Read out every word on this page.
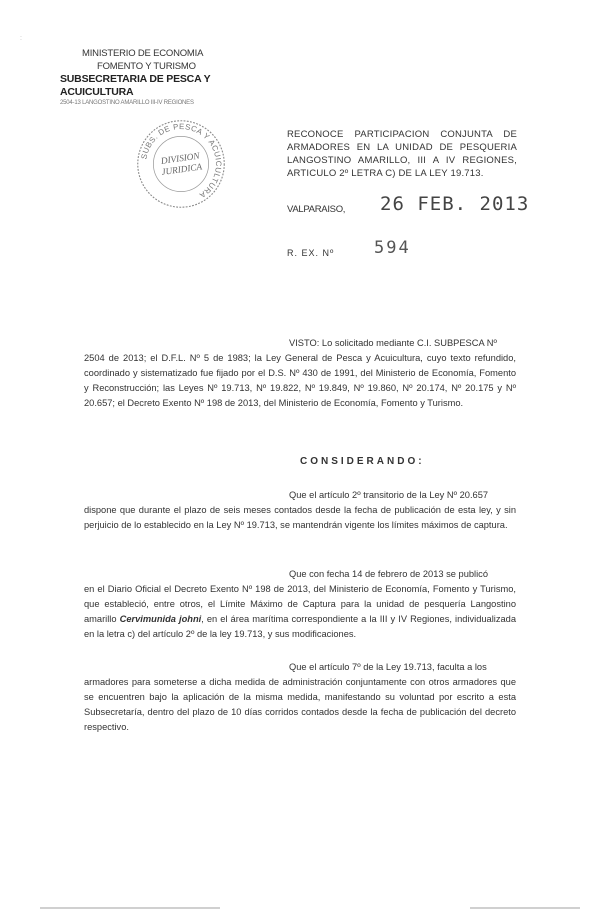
:
MINISTERIO DE ECONOMIA
FOMENTO Y TURISMO
SUBSECRETARIA DE PESCA Y ACUICULTURA
2504-13 LANGOSTINO AMARILLO III-IV REGIONES
SUBS. DE PESCA Y ACUICULTURA
DIVISION
JURIDICA
RECONOCE PARTICIPACION CONJUNTA DE ARMADORES EN LA UNIDAD DE PESQUERIA LANGOSTINO AMARILLO, III A IV REGIONES, ARTICULO 2º LETRA C) DE LA LEY 19.713.
VALPARAISO, 26 FEB. 2013
R. EX. Nº 594
VISTO: Lo solicitado mediante C.I. SUBPESCA Nº
2504 de 2013; el D.F.L. Nº 5 de 1983; la Ley General de Pesca y Acuicultura, cuyo texto refundido, coordinado y sistematizado fue fijado por el D.S. Nº 430 de 1991, del Ministerio de Economía, Fomento y Reconstrucción; las Leyes Nº 19.713, Nº 19.822, Nº 19.849, Nº 19.860, Nº 20.174, Nº 20.175 y Nº 20.657; el Decreto Exento Nº 198 de 2013, del Ministerio de Economía, Fomento y Turismo.
CONSIDERANDO:
Que el artículo 2º transitorio de la Ley Nº 20.657
dispone que durante el plazo de seis meses contados desde la fecha de publicación de esta ley, y sin perjuicio de lo establecido en la Ley Nº 19.713, se mantendrán vigente los límites máximos de captura.
Que con fecha 14 de febrero de 2013 se publicó
en el Diario Oficial el Decreto Exento Nº 198 de 2013, del Ministerio de Economía, Fomento y Turismo, que estableció, entre otros, el Límite Máximo de Captura para la unidad de pesquería Langostino amarillo Cervimunida johni, en el área marítima correspondiente a la III y IV Regiones, individualizada en la letra c) del artículo 2º de la ley 19.713, y sus modificaciones.
Que el artículo 7º de la Ley 19.713, faculta a los
armadores para someterse a dicha medida de administración conjuntamente con otros armadores que se encuentren bajo la aplicación de la misma medida, manifestando su voluntad por escrito a esta Subsecretaría, dentro del plazo de 10 días corridos contados desde la fecha de publicación del decreto respectivo.
